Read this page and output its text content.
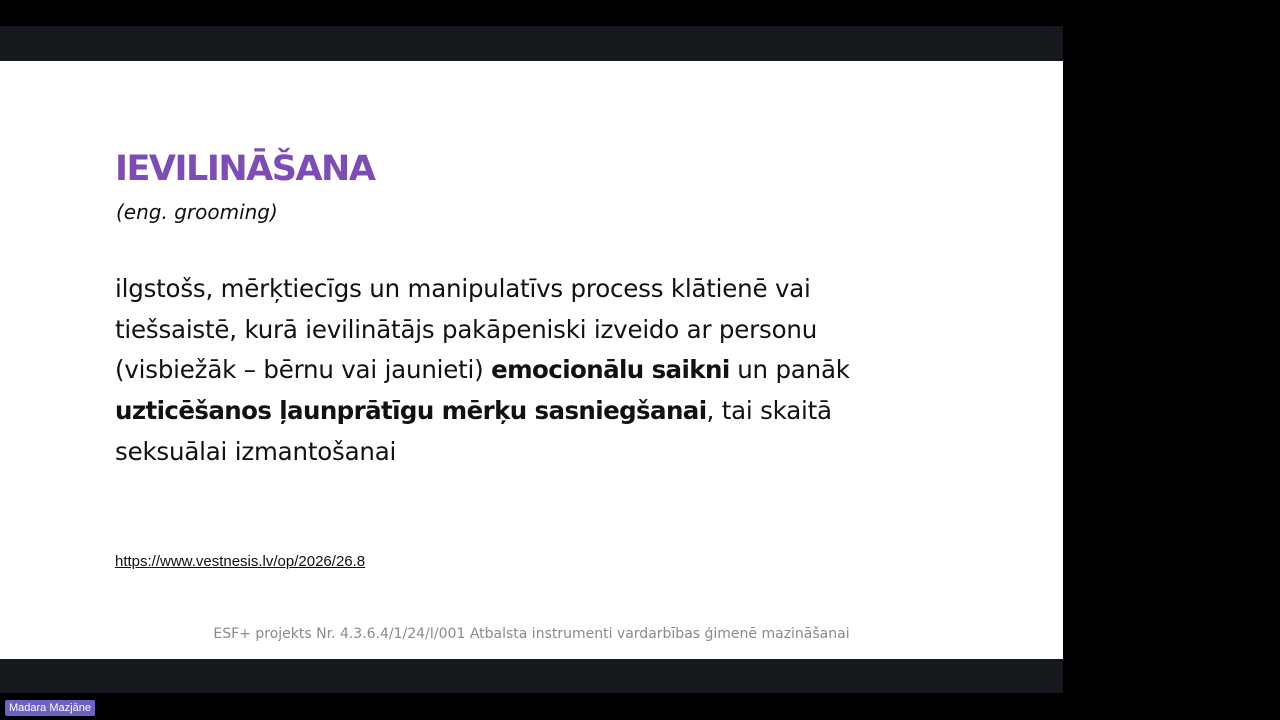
IEVILINĀŠANA
(eng. grooming)
ilgstošs, mērķtiecīgs un manipulatīvs process klātienē vai
tiešsaistē, kurā ievilinātājs pakāpeniski izveido ar personu
(visbiežāk – bērnu vai jaunieti) emocionālu saikni un panāk
uzticēšanos ļaunprātīgu mērķu sasniegšanai, tai skaitā
seksuālai izmantošanai
https://www.vestnesis.lv/op/2026/26.8
ESF+ projekts Nr. 4.3.6.4/1/24/I/001 Atbalsta instrumenti vardarbības ģimenē mazināšanai
Madara Mazjāne
